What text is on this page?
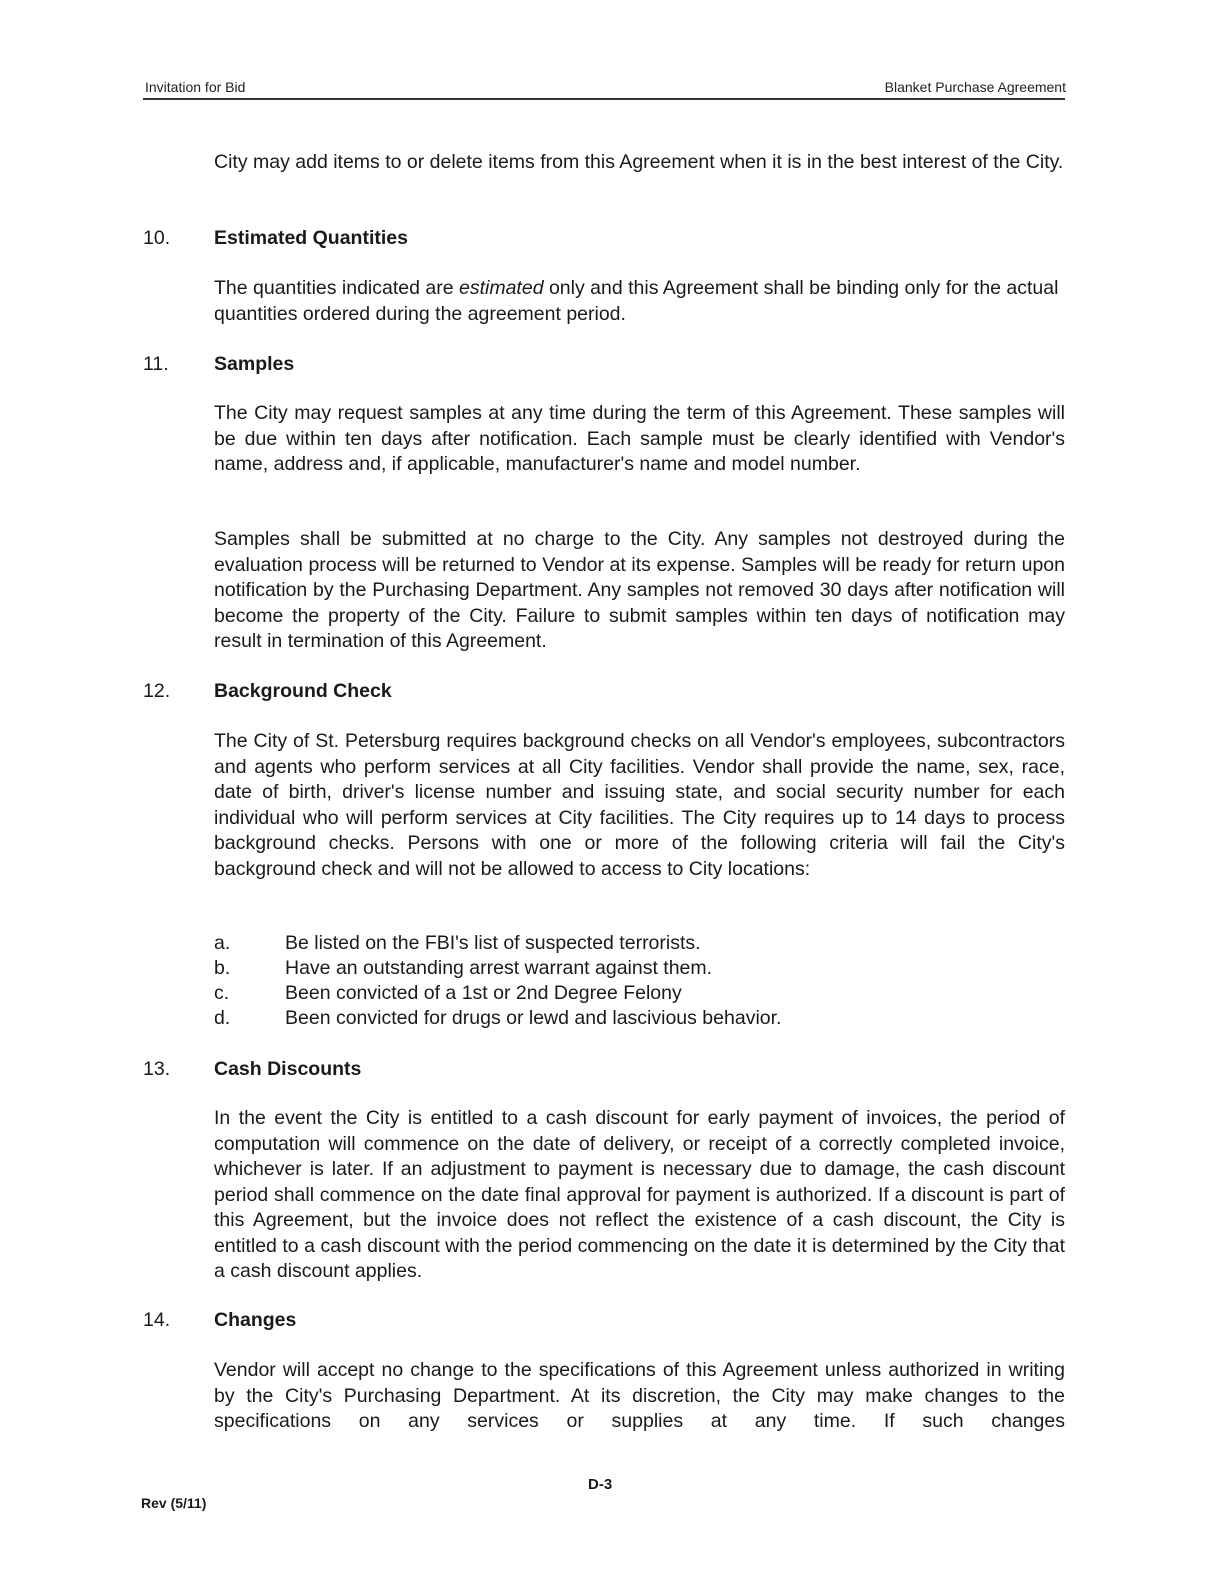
Invitation for Bid	Blanket Purchase Agreement
City may add items to or delete items from this Agreement when it is in the best interest of the City.
10. Estimated Quantities
The quantities indicated are estimated only and this Agreement shall be binding only for the actual quantities ordered during the agreement period.
11. Samples
The City may request samples at any time during the term of this Agreement. These samples will be due within ten days after notification. Each sample must be clearly identified with Vendor's name, address and, if applicable, manufacturer's name and model number.
Samples shall be submitted at no charge to the City. Any samples not destroyed during the evaluation process will be returned to Vendor at its expense. Samples will be ready for return upon notification by the Purchasing Department. Any samples not removed 30 days after notification will become the property of the City. Failure to submit samples within ten days of notification may result in termination of this Agreement.
12. Background Check
The City of St. Petersburg requires background checks on all Vendor's employees, subcontractors and agents who perform services at all City facilities. Vendor shall provide the name, sex, race, date of birth, driver's license number and issuing state, and social security number for each individual who will perform services at City facilities. The City requires up to 14 days to process background checks. Persons with one or more of the following criteria will fail the City's background check and will not be allowed to access to City locations:
a.	Be listed on the FBI's list of suspected terrorists.
b.	Have an outstanding arrest warrant against them.
c.	Been convicted of a 1st or 2nd Degree Felony
d.	Been convicted for drugs or lewd and lascivious behavior.
13. Cash Discounts
In the event the City is entitled to a cash discount for early payment of invoices, the period of computation will commence on the date of delivery, or receipt of a correctly completed invoice, whichever is later. If an adjustment to payment is necessary due to damage, the cash discount period shall commence on the date final approval for payment is authorized. If a discount is part of this Agreement, but the invoice does not reflect the existence of a cash discount, the City is entitled to a cash discount with the period commencing on the date it is determined by the City that a cash discount applies.
14. Changes
Vendor will accept no change to the specifications of this Agreement unless authorized in writing by the City's Purchasing Department. At its discretion, the City may make changes to the specifications on any services or supplies at any time. If such changes
D-3
Rev (5/11)
